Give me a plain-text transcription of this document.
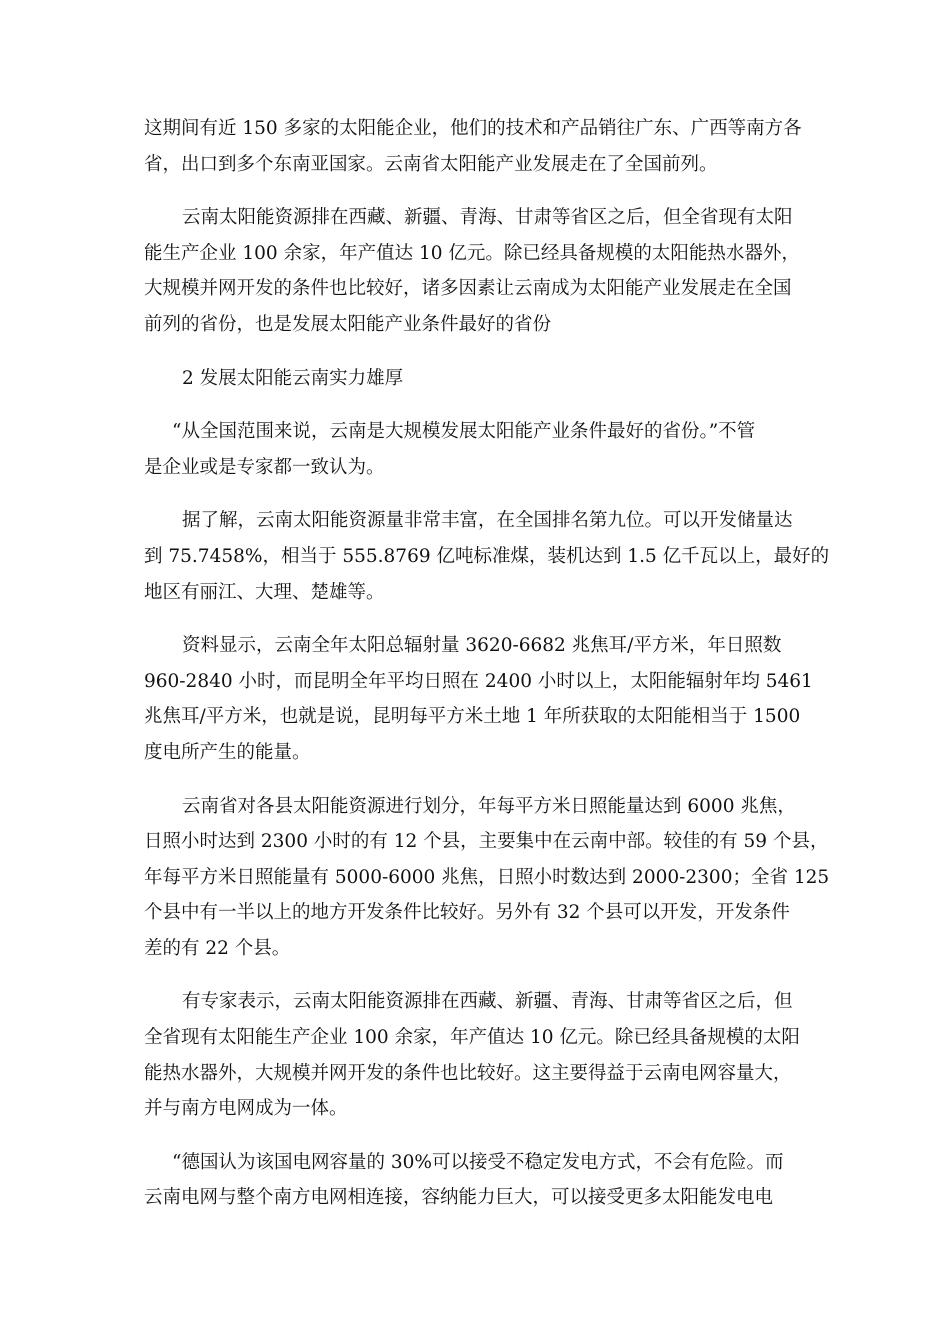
这期间有近 150 多家的太阳能企业，他们的技术和产品销往广东、广西等南方各
省，出口到多个东南亚国家。云南省太阳能产业发展走在了全国前列。
云南太阳能资源排在西藏、新疆、青海、甘肃等省区之后，但全省现有太阳
能生产企业 100 余家，年产值达 10 亿元。除已经具备规模的太阳能热水器外，
大规模并网开发的条件也比较好，诸多因素让云南成为太阳能产业发展走在全国
前列的省份，也是发展太阳能产业条件最好的省份
2 发展太阳能云南实力雄厚
“从全国范围来说，云南是大规模发展太阳能产业条件最好的省份。”不管
是企业或是专家都一致认为。
据了解，云南太阳能资源量非常丰富，在全国排名第九位。可以开发储量达
到 75.7458%，相当于 555.8769 亿吨标准煤，装机达到 1.5 亿千瓦以上，最好的
地区有丽江、大理、楚雄等。
资料显示，云南全年太阳总辐射量 3620-6682 兆焦耳/平方米，年日照数
960-2840 小时，而昆明全年平均日照在 2400 小时以上，太阳能辐射年均 5461
兆焦耳/平方米，也就是说，昆明每平方米土地 1 年所获取的太阳能相当于 1500
度电所产生的能量。
云南省对各县太阳能资源进行划分，年每平方米日照能量达到 6000 兆焦，
日照小时达到 2300 小时的有 12 个县，主要集中在云南中部。较佳的有 59 个县，
年每平方米日照能量有 5000-6000 兆焦，日照小时数达到 2000-2300；全省 125
个县中有一半以上的地方开发条件比较好。另外有 32 个县可以开发，开发条件
差的有 22 个县。
有专家表示，云南太阳能资源排在西藏、新疆、青海、甘肃等省区之后，但
全省现有太阳能生产企业 100 余家，年产值达 10 亿元。除已经具备规模的太阳
能热水器外，大规模并网开发的条件也比较好。这主要得益于云南电网容量大，
并与南方电网成为一体。
“德国认为该国电网容量的 30%可以接受不稳定发电方式，不会有危险。而
云南电网与整个南方电网相连接，容纳能力巨大，可以接受更多太阳能发电电
